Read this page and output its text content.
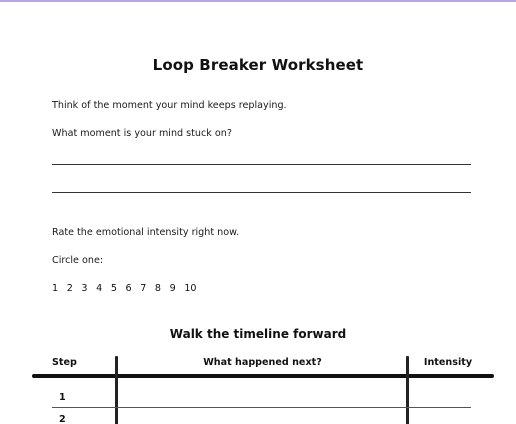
Loop Breaker Worksheet
Think of the moment your mind keeps replaying.
What moment is your mind stuck on?
Rate the emotional intensity right now.
Circle one:
1 2 3 4 5 6 7 8 9 10
Walk the timeline forward
Step	What happened next?	Intensity
1
2
